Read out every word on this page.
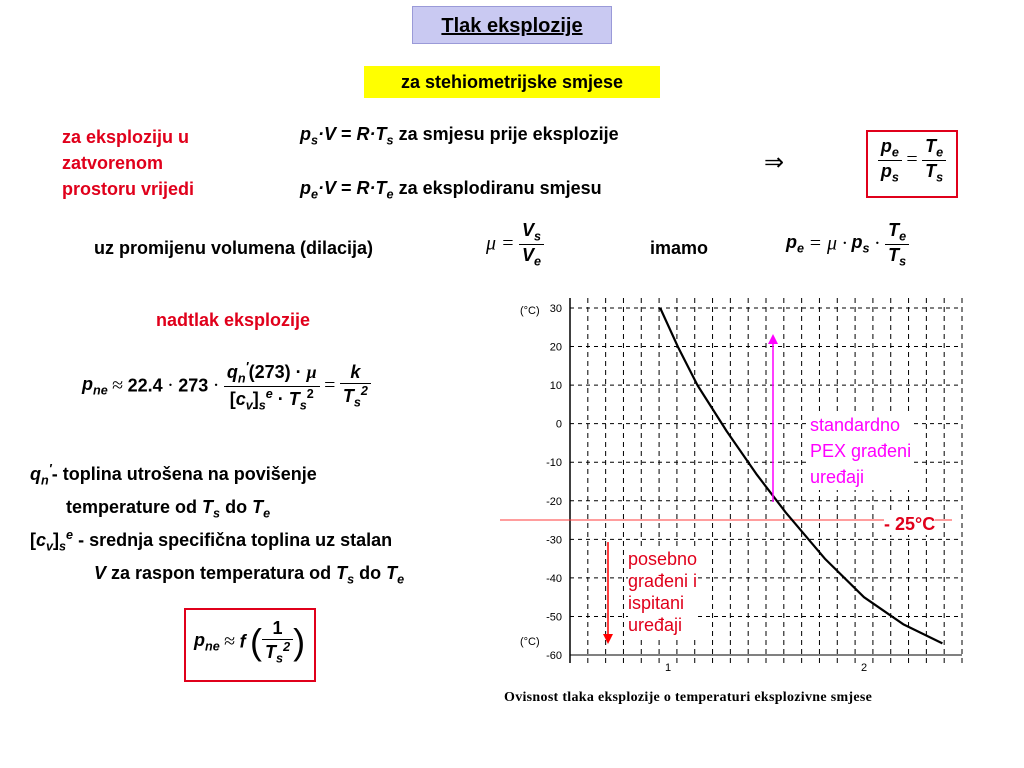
Tlak eksplozije
za stehiometrijske smjese
za eksploziju u
zatvorenom
prostoru vrijedi
$p_s\cdot V = R\cdot T_s$ za smjesu prije eksplozije
$p_e\cdot V = R\cdot T_e$ za eksplodiranu smjesu
⇒	$\frac{p_e}{p_s} = \frac{T_e}{T_s}$
uz promijenu volumena (dilacija)	$\mu = \frac{V_s}{V_e}$	imamo	$p_e = \mu \cdot p_s \cdot \frac{T_e}{T_s}$
nadtlak eksplozije
$p_{ne} \approx 22.4 \cdot 273 \cdot \frac{q_n'(273) \cdot \mu}{[c_v]_s^e \cdot T_s^2} = \frac{k}{T_s^2}$
$q_n'-$ toplina utrošena na povišenje
temperature od $T_s$ do $T_e$
$[c_v]_s^e$ - srednja specifična toplina uz stalan
V za raspon temperatura od $T_s$ do $T_e$
$p_{ne} \approx f$ ( $\frac{1}{T_s^2}$ )
30
20
10
0
-10
-20
-30
-40
-50
-60
(°C)
(°C)
1	2
standardno
PEX građeni
uređaji
- 25°C
posebno
građeni i
ispitani
uređaji
Ovisnost tlaka eksplozije o temperaturi eksplozivne smjese
